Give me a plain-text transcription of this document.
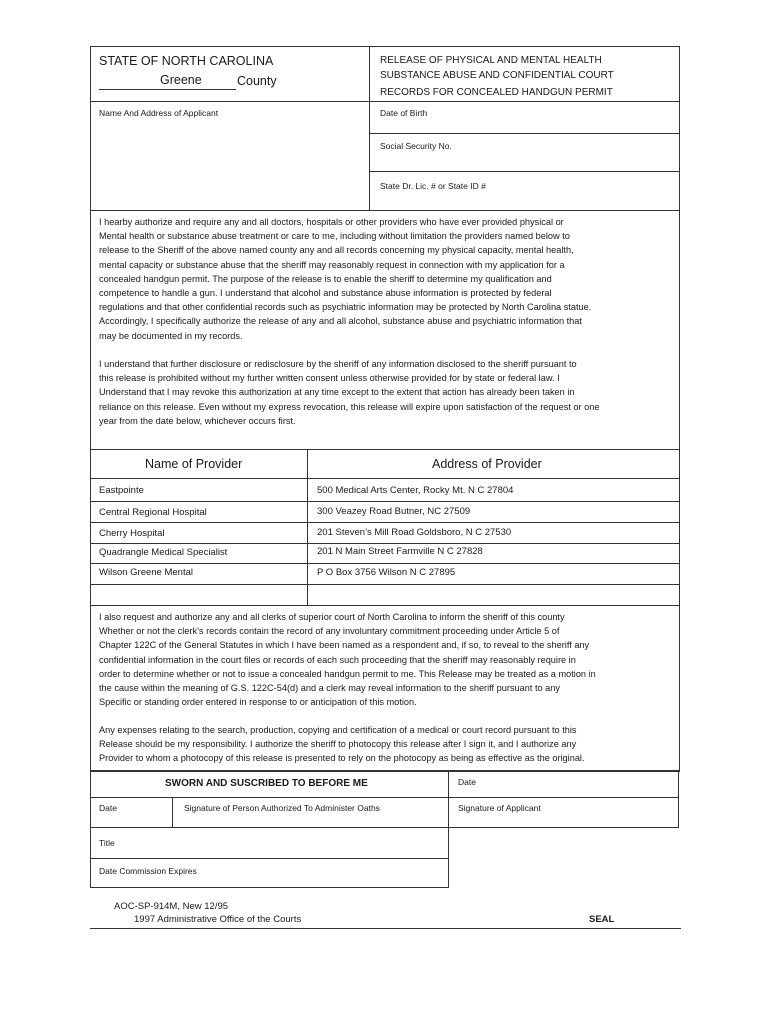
STATE OF NORTH CAROLINA
Greene	County
RELEASE OF PHYSICAL AND MENTAL HEALTH
SUBSTANCE ABUSE AND CONFIDENTIAL COURT
RECORDS FOR CONCEALED HANDGUN PERMIT
Name And Address of Applicant	Date of Birth
Social Security No.
State Dr. Lic. # or State ID #
I hearby authorize and require any and all doctors, hospitals or other providers who have ever provided physical or
Mental health or substance abuse treatment or care to me, including without limitation the providers named below to
release to the Sheriff of the above named county any and all records concerning my physical capacity, mental health,
mental capacity or substance abuse that the sheriff may reasonably request in connection with my application for a
concealed handgun permit. The purpose of the release is to enable the sheriff to determine my qualification and
competence to handle a gun. I understand that alcohol and substance abuse information is protected by federal
regulations and that other confidential records such as psychiatric information may be protected by North Carolina statue.
Accordingly, I specifically authorize the release of any and all alcohol, substance abuse and psychiatric information that
may be documented in my records.
I understand that further disclosure or redisclosure by the sheriff of any information disclosed to the sheriff pursuant to
this release is prohibited without my further written consent unless otherwise provided for by state or federal law. I
Understand that I may revoke this authorization at any time except to the extent that action has already been taken in
reliance on this release. Even without my express revocation, this release will expire upon satisfaction of the request or one
year from the date below, whichever occurs first.
Name of Provider	Address of Provider
Eastpointe	500 Medical Arts Center, Rocky Mt. N C 27804
Central Regional Hospital	300 Veazey Road Butner, NC 27509
Cherry Hospital	201 Steven’s Mill Road Goldsboro, N C 27530
Quadrangle Medical Specialist	201 N Main Street Farmville N C 27828
Wilson Greene Mental	P O Box 3756 Wilson N C 27895
I also request and authorize any and all clerks of superior court of North Carolina to inform the sheriff of this county
Whether or not the clerk’s records contain the record of any involuntary commitment proceeding under Article 5 of
Chapter 122C of the General Statutes in which I have been named as a respondent and, if so, to reveal to the sheriff any
confidential information in the court files or records of each such proceeding that the sheriff may reasonably require in
order to determine whether or not to issue a concealed handgun permit to me. This Release may be treated as a motion in
the cause within the meaning of G.S. 122C-54(d) and a clerk may reveal information to the sheriff pursuant to any
Specific or standing order entered in response to or anticipation of this motion.
Any expenses relating to the search, production, copying and certification of a medical or court record pursuant to this
Release should be my responsibility. I authorize the sheriff to photocopy this release after I sign it, and I authorize any
Provider to whom a photocopy of this release is presented to rely on the photocopy as being as effective as the original.
SWORN AND SUSCRIBED TO BEFORE ME	Date
Date	Signature of Person Authorized To Administer Oaths	Signature of Applicant
Title
Date Commission Expires
AOC-SP-914M, New 12/95
1997 Administrative Office of the Courts	SEAL
